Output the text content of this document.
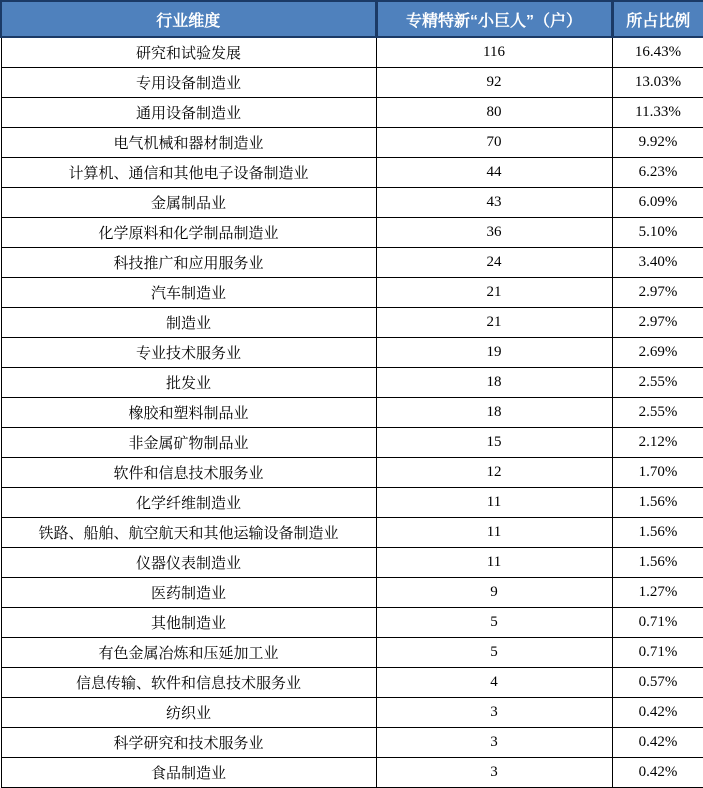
行业维度	专精特新“小巨人”（户）	所占比例
研究和试验发展	116	16.43%
专用设备制造业	92	13.03%
通用设备制造业	80	11.33%
电气机械和器材制造业	70	9.92%
计算机、通信和其他电子设备制造业	44	6.23%
金属制品业	43	6.09%
化学原料和化学制品制造业	36	5.10%
科技推广和应用服务业	24	3.40%
汽车制造业	21	2.97%
制造业	21	2.97%
专业技术服务业	19	2.69%
批发业	18	2.55%
橡胶和塑料制品业	18	2.55%
非金属矿物制品业	15	2.12%
软件和信息技术服务业	12	1.70%
化学纤维制造业	11	1.56%
铁路、船舶、航空航天和其他运输设备制造业	11	1.56%
仪器仪表制造业	11	1.56%
医药制造业	9	1.27%
其他制造业	5	0.71%
有色金属冶炼和压延加工业	5	0.71%
信息传输、软件和信息技术服务业	4	0.57%
纺织业	3	0.42%
科学研究和技术服务业	3	0.42%
食品制造业	3	0.42%
